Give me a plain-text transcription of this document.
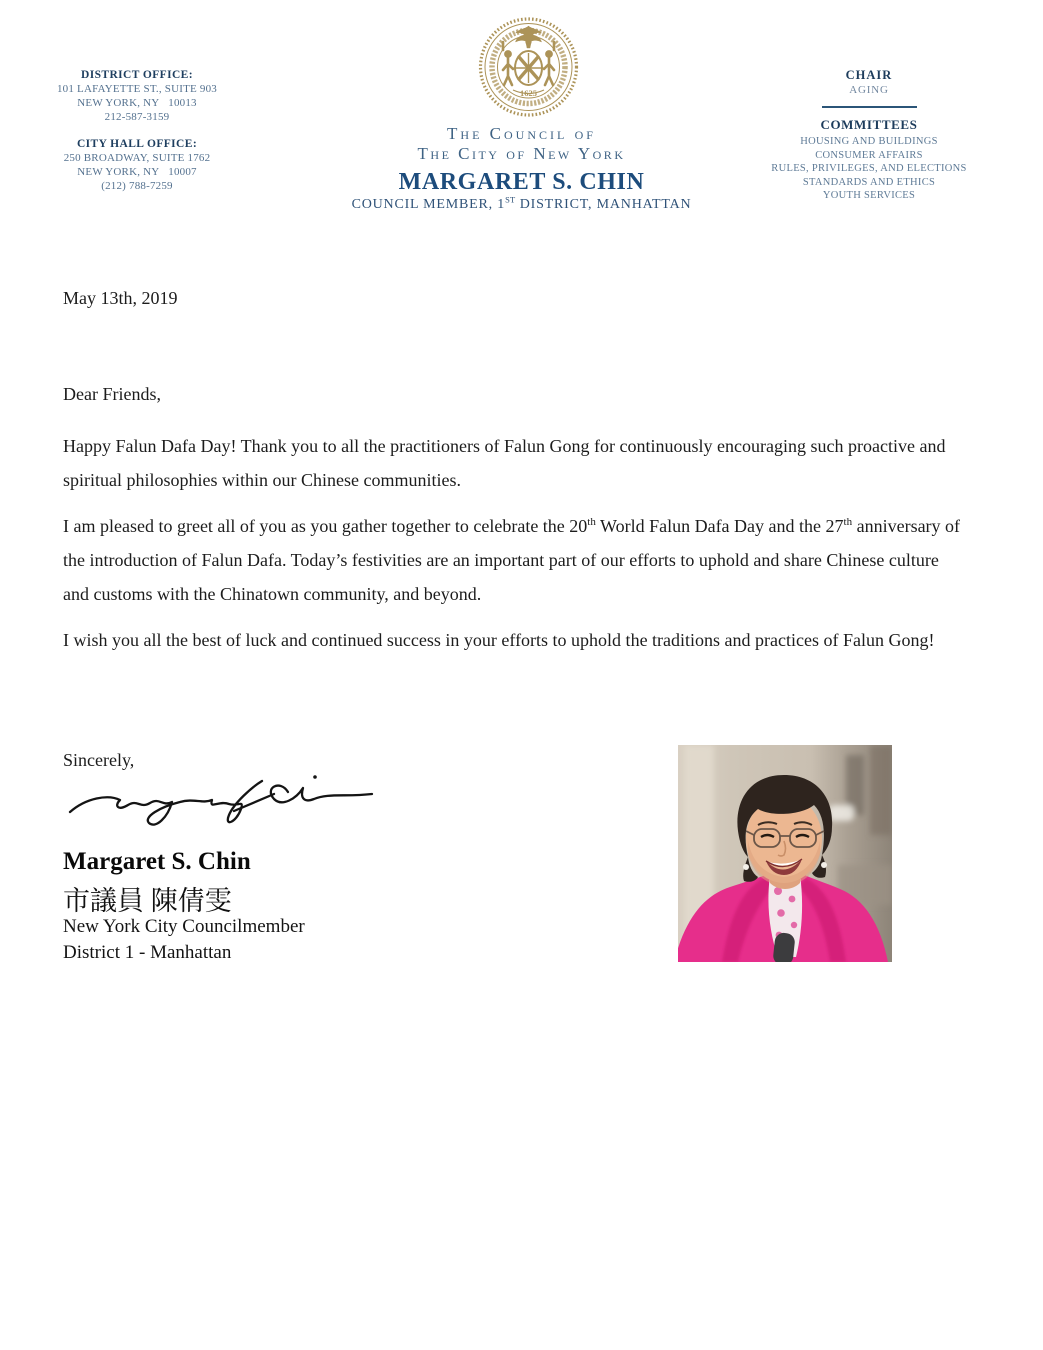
DISTRICT OFFICE:
101 LAFAYETTE ST., SUITE 903
NEW YORK, NY   10013
212-587-3159
CITY HALL OFFICE:
250 BROADWAY, SUITE 1762
NEW YORK, NY   10007
(212) 788-7259
1625
The Council of
The City of New York
MARGARET S. CHIN
COUNCIL MEMBER, 1ST DISTRICT, MANHATTAN
CHAIR
AGING
COMMITTEES
HOUSING AND BUILDINGS
CONSUMER AFFAIRS
RULES, PRIVILEGES, AND ELECTIONS
STANDARDS AND ETHICS
YOUTH SERVICES
May 13th, 2019
Dear Friends,
Happy Falun Dafa Day! Thank you to all the practitioners of Falun Gong for continuously encouraging such proactive and spiritual philosophies within our Chinese communities.
I am pleased to greet all of you as you gather together to celebrate the 20th World Falun Dafa Day and the 27th anniversary of the introduction of Falun Dafa. Today’s festivities are an important part of our efforts to uphold and share Chinese culture and customs with the Chinatown community, and beyond.
I wish you all the best of luck and continued success in your efforts to uphold the traditions and practices of Falun Gong!
Sincerely,
Margaret S. Chin
市議員 陳倩雯
New York City Councilmember
District 1 - Manhattan
